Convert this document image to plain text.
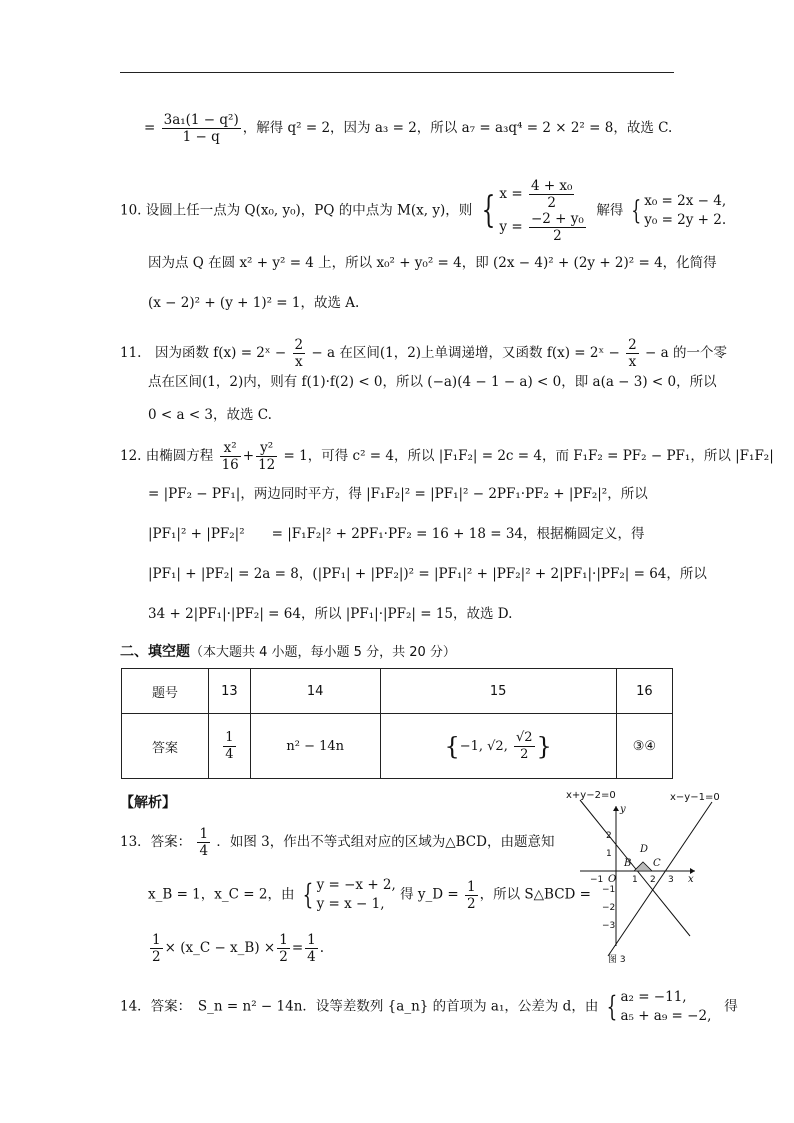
= $\frac{\text{3a₁(1 − q²)}}{1 - q}$ ，解得 q² = 2，因为 a₃ = 2，所以 a₇ = a₃q⁴ = 2 × 2² = 8，故选 C.
10. 设圆上任一点为 Q(x₀, y₀)，PQ 的中点为 M(x, y)，则 { $x = \frac{\text{4 + x₀}}{2}$
$y = \frac{\text{−2 + y₀}}{2}$
解得 { x₀ = 2x − 4,
y₀ = 2y + 2.
因为点 Q 在圆 x² + y² = 4 上，所以 x₀² + y₀² = 4，即 (2x − 4)² + (2y + 2)² = 4，化简得
(x − 2)² + (y + 1)² = 1，故选 A.
11.　因为函数 f(x) = 2ˣ − $\frac{2}{x} - a$ 在区间(1，2)上单调递增，又函数 f(x) = 2ˣ − $\frac{2}{x} - a$ 的一个零
点在区间(1，2)内，则有 f(1)·f(2) < 0，所以 (−a)(4 − 1 − a) < 0，即 a(a − 3) < 0，所以
0 < a < 3，故选 C.
12. 由椭圆方程 $\frac{\text{x²}}{16} + \frac{\text{y²}}{12} = 1$，可得 c² = 4，所以 |F₁F₂| = 2c = 4，而 F₁F₂ = PF₂ − PF₁，所以 |F₁F₂|
= |PF₂ − PF₁|，两边同时平方，得 |F₁F₂|² = |PF₁|² − 2PF₁·PF₂ + |PF₂|²，所以
|PF₁|² + |PF₂|²　　= |F₁F₂|² + 2PF₁·PF₂ = 16 + 18 = 34，根据椭圆定义，得
|PF₁| + |PF₂| = 2a = 8，(|PF₁| + |PF₂|)² = |PF₁|² + |PF₂|² + 2|PF₁|·|PF₂| = 64，所以
34 + 2|PF₁|·|PF₂| = 64，所以 |PF₁|·|PF₂| = 15，故选 D.
二、填空题（本大题共 4 小题，每小题 5 分，共 20 分）
题号	13	14	15	16
答案	$\frac{1}{4}$	n² − 14n	{−1, √2, $\frac{√2}{2}$ }	③④
【解析】
13．答案： $\frac{1}{4}$ ．如图 3，作出不等式组对应的区域为△BCD，由题意知
x_B = 1，x_C = 2，由 { y = −x + 2,
y = x − 1,
得 y_D = $\frac{1}{2}$ ，所以 S△BCD =
$\frac{1}{2}$ × (x_C − x_B) × $\frac{1}{2} = \frac{1}{4}$ .
x+y−2=0	x−y−1=0
y
x
O
B C
D
−1	1 2 3
2
1
−1
−2
−3
图 3
14．答案：　S_n = n² − 14n．设等差数列 {a_n} 的首项为 a₁，公差为 d，由 { a₂ = −11,
a₅ + a₉ = −2,
得
